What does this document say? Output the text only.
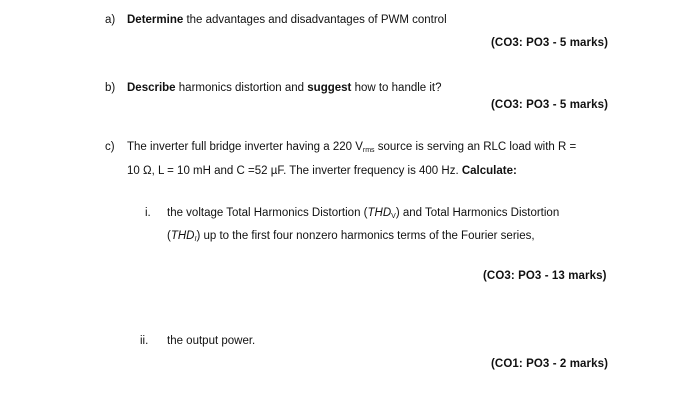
a) Determine the advantages and disadvantages of PWM control
(CO3: PO3 - 5 marks)
b) Describe harmonics distortion and suggest how to handle it?
(CO3: PO3 - 5 marks)
c) The inverter full bridge inverter having a 220 $V_{rms}$ source is serving an RLC load with R =
10 Ω, L = 10 mH and C =52 µF. The inverter frequency is 400 Hz. Calculate:
i. the voltage Total Harmonics Distortion $(THD_V)$ and Total Harmonics Distortion
$(THD_I)$ up to the first four nonzero harmonics terms of the Fourier series,
(CO3: PO3 - 13 marks)
ii. the output power.
(CO1: PO3 - 2 marks)
